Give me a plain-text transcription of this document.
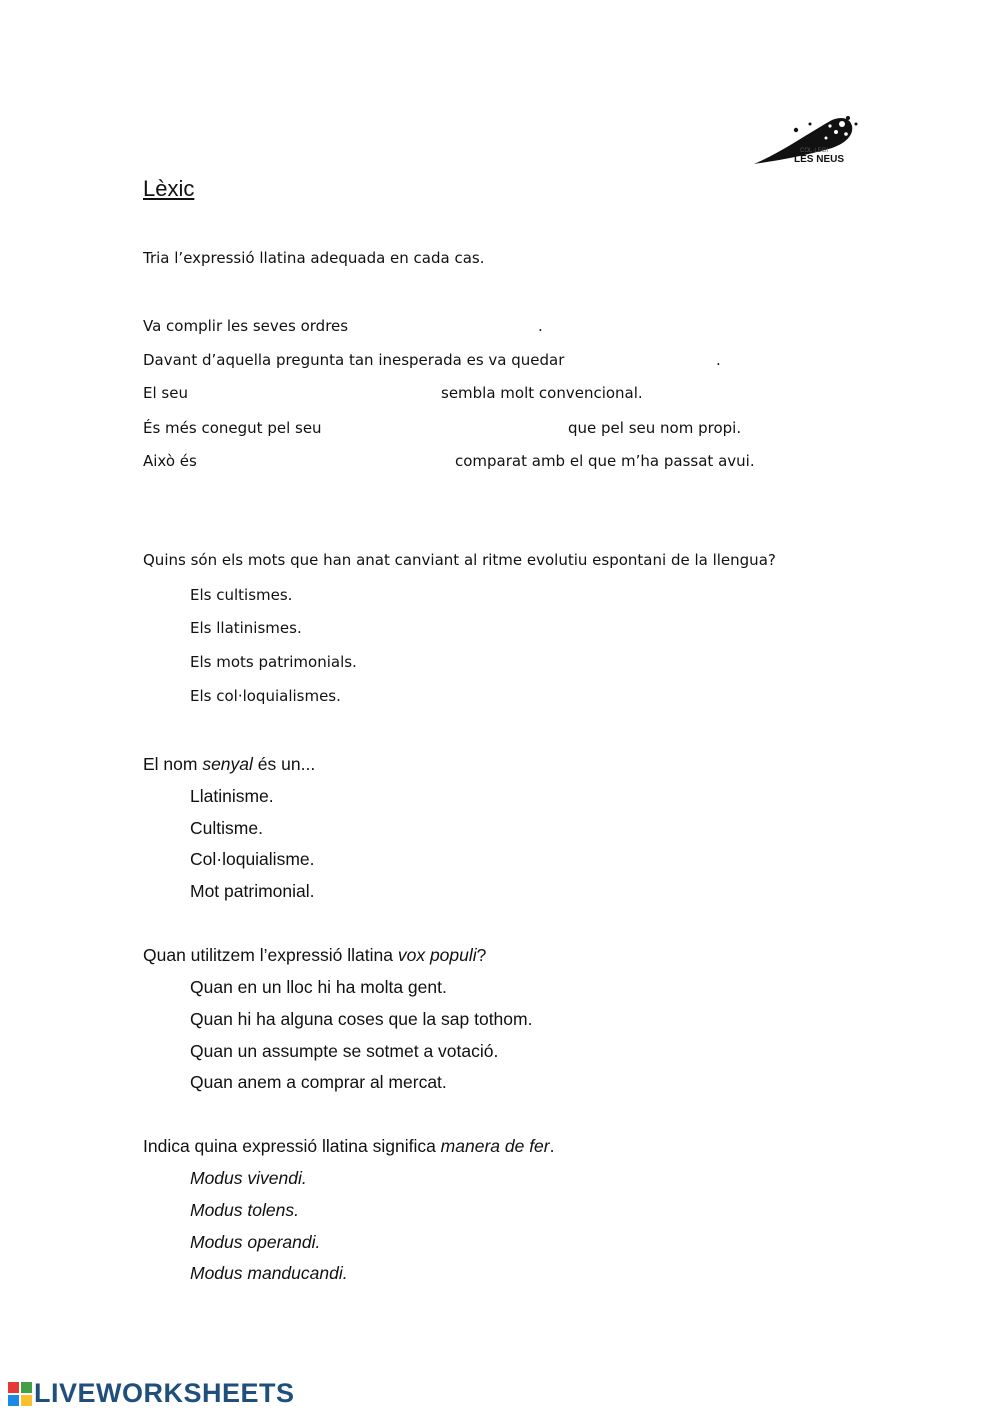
COL·LEGI
LES NEUS
Lèxic
Tria l’expressió llatina adequada en cada cas.
Va complir les seves ordres	.
Davant d’aquella pregunta tan inesperada es va quedar	.
El seu	sembla molt convencional.
És més conegut pel seu	que pel seu nom propi.
Això és	comparat amb el que m’ha passat avui.
Quins són els mots que han anat canviant al ritme evolutiu espontani de la llengua?
Els cultismes.
Els llatinismes.
Els mots patrimonials.
Els col·loquialismes.
El nom senyal és un...
Llatinisme.
Cultisme.
Col·loquialisme.
Mot patrimonial.
Quan utilitzem l’expressió llatina vox populi?
Quan en un lloc hi ha molta gent.
Quan hi ha alguna coses que la sap tothom.
Quan un assumpte se sotmet a votació.
Quan anem a comprar al mercat.
Indica quina expressió llatina significa manera de fer.
Modus vivendi.
Modus tolens.
Modus operandi.
Modus manducandi.
LIVEWORKSHEETS
